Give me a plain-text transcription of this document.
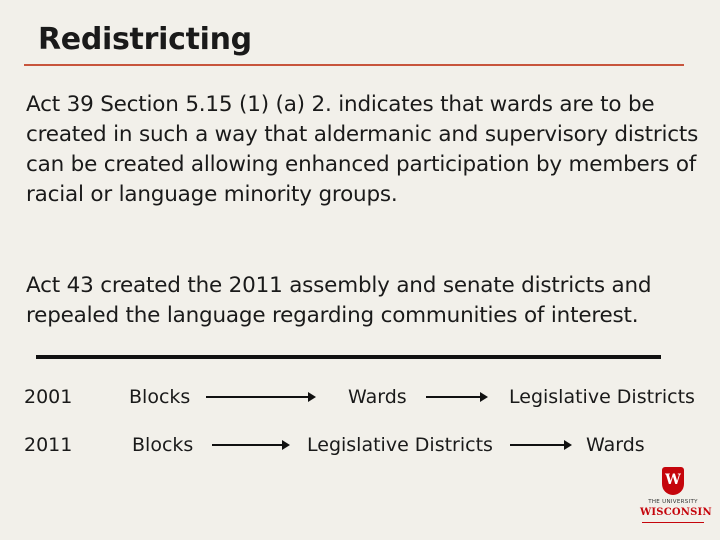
Redistricting
Act 39 Section 5.15 (1) (a) 2. indicates that wards are to be created in such a way that aldermanic and supervisory districts can be created allowing enhanced participation by members of racial or language minority groups.
Act 43 created the 2011 assembly and senate districts and repealed the language regarding communities of interest.
2001	Blocks	Wards	Legislative Districts
2011	Blocks	Legislative Districts	Wards
W
THE UNIVERSITY
WISCONSIN
